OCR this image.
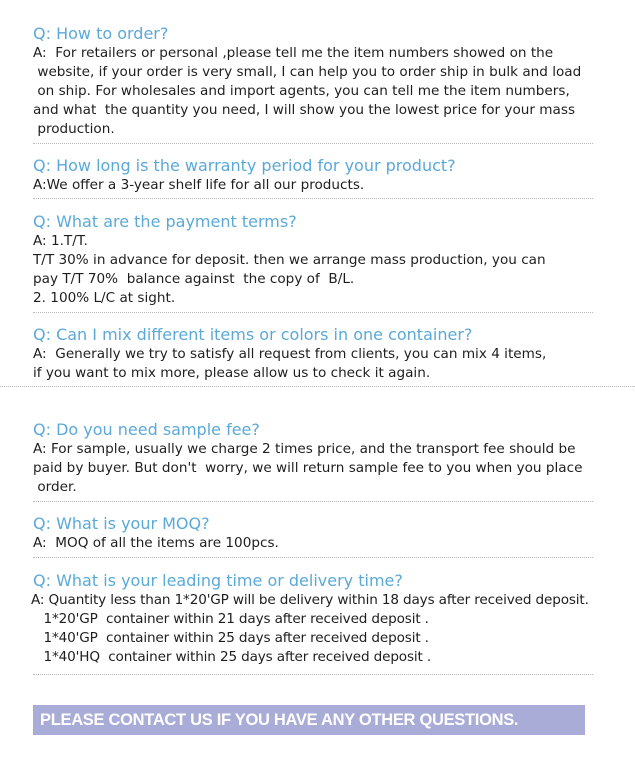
Q: How to order?
A:  For retailers or personal ,please tell me the item numbers showed on the
website, if your order is very small, I can help you to order ship in bulk and load
on ship. For wholesales and import agents, you can tell me the item numbers,
and what  the quantity you need, I will show you the lowest price for your mass
production.
Q: How long is the warranty period for your product?
A:We offer a 3-year shelf life for all our products.
Q: What are the payment terms?
A: 1.T/T.
T/T 30% in advance for deposit. then we arrange mass production, you can
pay T/T 70%  balance against  the copy of  B/L.
2. 100% L/C at sight.
Q: Can I mix different items or colors in one container?
A:  Generally we try to satisfy all request from clients, you can mix 4 items,
if you want to mix more, please allow us to check it again.
Q: Do you need sample fee?
A: For sample, usually we charge 2 times price, and the transport fee should be
paid by buyer. But don't  worry, we will return sample fee to you when you place
order.
Q: What is your MOQ?
A:  MOQ of all the items are 100pcs.
Q: What is your leading time or delivery time?
A: Quantity less than 1*20'GP will be delivery within 18 days after received deposit.
1*20'GP  container within 21 days after received deposit .
1*40'GP  container within 25 days after received deposit .
1*40'HQ  container within 25 days after received deposit .
PLEASE CONTACT US IF YOU HAVE ANY OTHER QUESTIONS.
